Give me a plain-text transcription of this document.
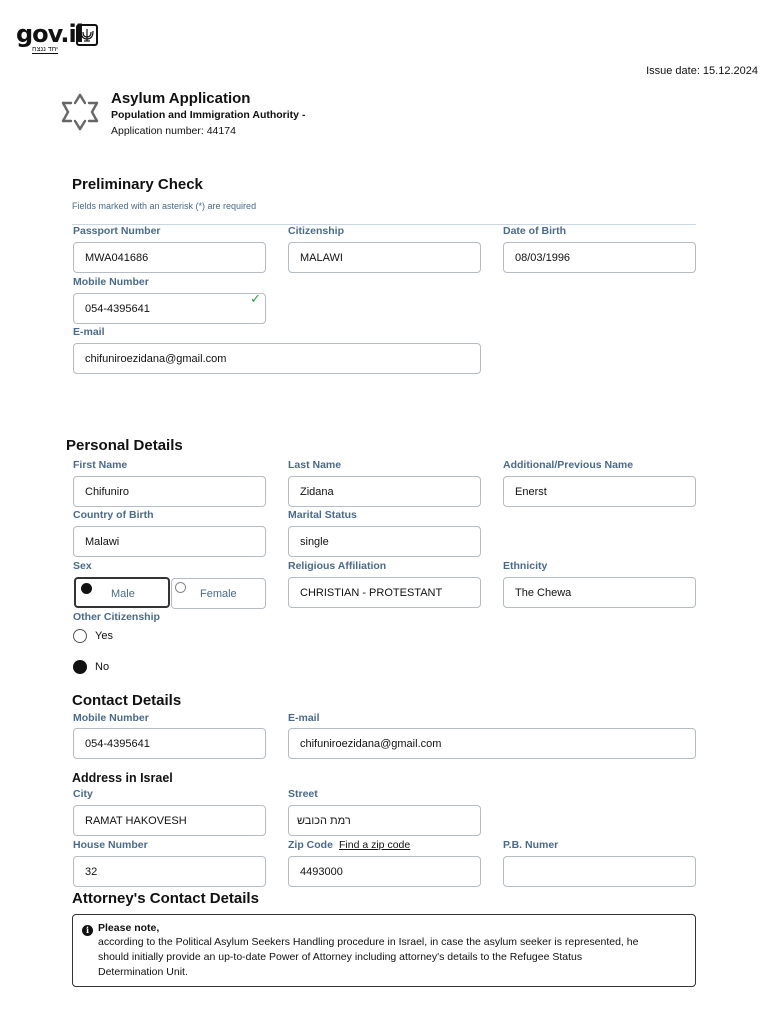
gov.il
יחד ננצח
Issue date: 15.12.2024
Asylum Application
Population and Immigration Authority -
Application number: 44174
Preliminary Check
Fields marked with an asterisk (*) are required
Passport Number
MWA041686
Citizenship
MALAWI
Date of Birth
08/03/1996
Mobile Number
054-4395641
✓
E-mail
chifuniroezidana@gmail.com
Personal Details
First Name
Chifuniro
Last Name
Zidana
Additional/Previous Name
Enerst
Country of Birth
Malawi
Marital Status
single
Sex
Male	Female
Religious Affiliation
CHRISTIAN - PROTESTANT
Ethnicity
The Chewa
Other Citizenship
Yes
No
Contact Details
Mobile Number
054-4395641
E-mail
chifuniroezidana@gmail.com
Address in Israel
City
RAMAT HAKOVESH
Street
רמת הכובש
House Number
32
Zip Code Find a zip code
4493000
P.B. Numer
Attorney's Contact Details
i Please note,
according to the Political Asylum Seekers Handling procedure in Israel, in case the asylum seeker is represented, he
should initially provide an up-to-date Power of Attorney including attorney's details to the Refugee Status
Determination Unit.
